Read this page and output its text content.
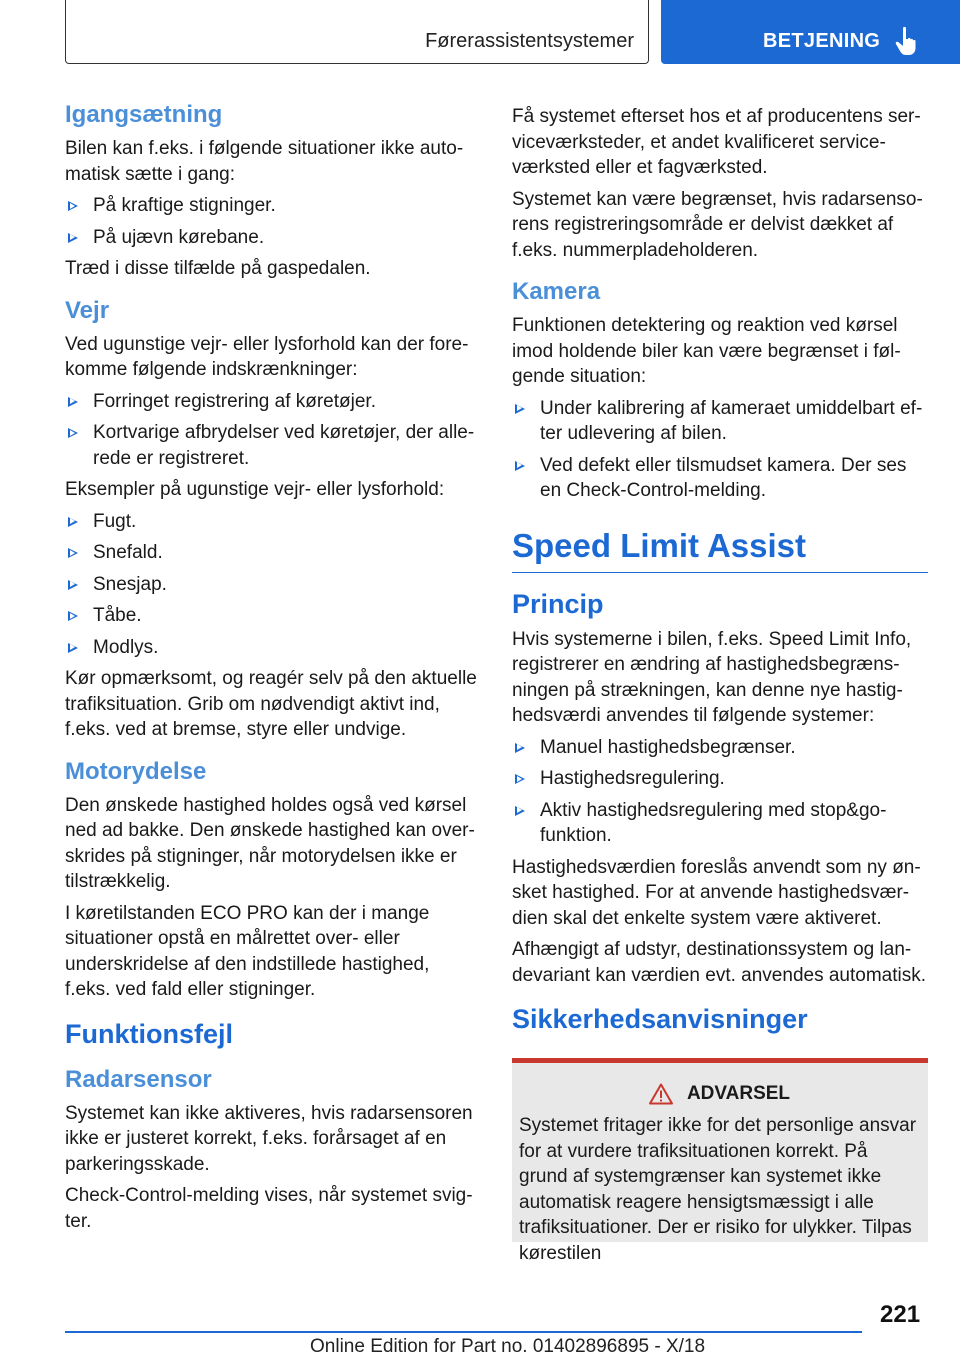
Førerassistentsystemer	BETJENING
Igangsætning
Bilen kan f.eks. i følgende situationer ikke automatisk sætte i gang:
På kraftige stigninger.
På ujævn kørebane.
Træd i disse tilfælde på gaspedalen.
Vejr
Ved ugunstige vejr- eller lysforhold kan der forekomme følgende indskrænkninger:
Forringet registrering af køretøjer.
Kortvarige afbrydelser ved køretøjer, der allerede er registreret.
Eksempler på ugunstige vejr- eller lysforhold:
Fugt.
Snefald.
Snesjap.
Tåbe.
Modlys.
Kør opmærksomt, og reagér selv på den aktuelle trafiksituation. Grib om nødvendigt aktivt ind, f.eks. ved at bremse, styre eller undvige.
Motorydelse
Den ønskede hastighed holdes også ved kørsel ned ad bakke. Den ønskede hastighed kan overskrides på stigninger, når motorydelsen ikke er tilstrækkelig.
I køretilstanden ECO PRO kan der i mange situationer opstå en målrettet over- eller underskridelse af den indstillede hastighed, f.eks. ved fald eller stigninger.
Funktionsfejl
Radarsensor
Systemet kan ikke aktiveres, hvis radarsensoren ikke er justeret korrekt, f.eks. forårsaget af en parkeringsskade.
Check-Control-melding vises, når systemet svigter.
Få systemet efterset hos et af producentens serviceværksteder, et andet kvalificeret serviceværksted eller et fagværksted.
Systemet kan være begrænset, hvis radarsensorens registreringsområde er delvist dækket af f.eks. nummerpladeholderen.
Kamera
Funktionen detektering og reaktion ved kørsel imod holdende biler kan være begrænset i følgende situation:
Under kalibrering af kameraet umiddelbart efter udlevering af bilen.
Ved defekt eller tilsmudset kamera. Der ses en Check-Control-melding.
Speed Limit Assist
Princip
Hvis systemerne i bilen, f.eks. Speed Limit Info, registrerer en ændring af hastighedsbegrænsningen på strækningen, kan denne nye hastighedsværdi anvendes til følgende systemer:
Manuel hastighedsbegrænser.
Hastighedsregulering.
Aktiv hastighedsregulering med stop&go-funktion.
Hastighedsværdien foreslås anvendt som ny ønsket hastighed. For at anvende hastighedsværdien skal det enkelte system være aktiveret.
Afhængigt af udstyr, destinationssystem og landevariant kan værdien evt. anvendes automatisk.
Sikkerhedsanvisninger
ADVARSEL
Systemet fritager ikke for det personlige ansvar for at vurdere trafiksituationen korrekt. På grund af systemgrænser kan systemet ikke automatisk reagere hensigtsmæssigt i alle trafiksituationer. Der er risiko for ulykker. Tilpas kørestilen
221
Online Edition for Part no. 01402896895 - X/18
